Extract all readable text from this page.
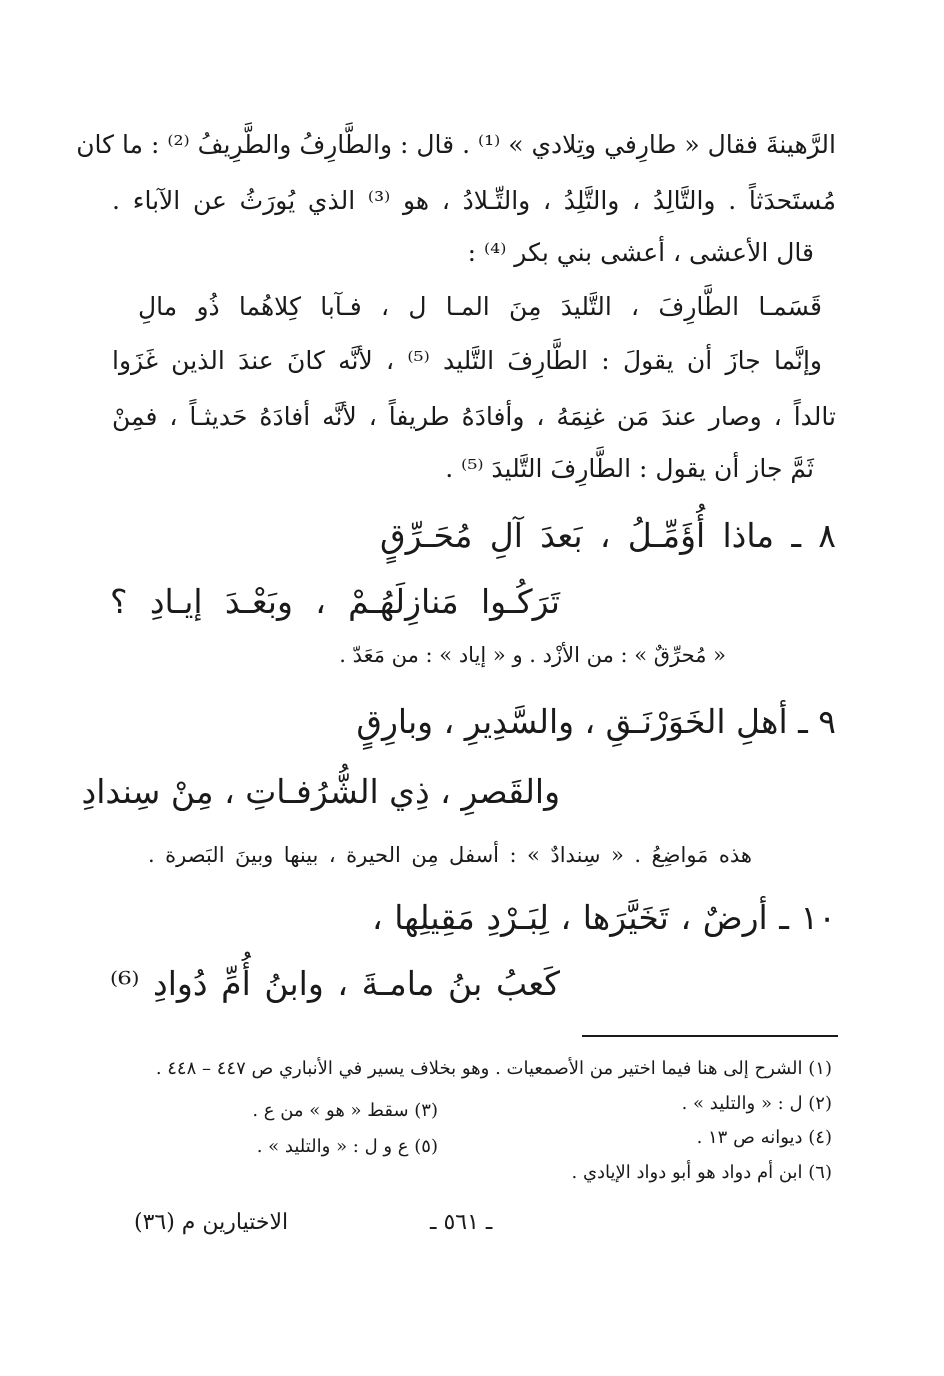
الرَّهينةَ فقال « طارِفي وتِلادي » ⁽¹⁾ . قال : والطَّارِفُ والطَّرِيفُ ⁽²⁾ : ما كان
مُستَحدَثاً . والتَّالِدُ ، والتَّلِدُ ، والتِّـلادُ ، هو ⁽³⁾ الذي يُورَثُ عن الآباء .
قال الأعشى ، أعشى بني بكر ⁽⁴⁾ :
قَسَمـا الطَّارِفَ ، التَّليدَ مِنَ المـا ل ، فـآبا كِلاهُما ذُو مالِ
وإنَّما جازَ أن يقولَ : الطَّارِفَ التَّليد ⁽⁵⁾ ، لأنَّه كانَ عندَ الذين غَزَوا
تالداً ، وصار عندَ مَن غنِمَهُ ، وأفادَهُ طريفاً ، لأنَّه أفادَهُ حَديثـاً ، فمِنْ
ثَمَّ جاز أن يقول : الطَّارِفَ التَّليدَ ⁽⁵⁾ .
٨ ـ ماذا أُؤَمِّـلُ ، بَعدَ آلِ مُحَـرِّقٍ
تَرَكُـوا مَنازِلَهُـمْ ، وبَعْـدَ إيـادِ ؟
« مُحرِّقٌ » : من الأزْد . و « إياد » : من مَعَدّ .
٩ ـ أهلِ الخَوَرْنَـقِ ، والسَّدِيرِ ، وبارِقٍ
والقَصرِ ، ذِي الشُّرُفـاتِ ، مِنْ سِندادِ
هذه مَواضِعُ . « سِندادٌ » : أسفل مِن الحيرة ، بينها وبينَ البَصرة .
١٠ ـ أرضٌ ، تَخَيَّرَها ، لِبَـرْدِ مَقِيلِها ،
كَعبُ بنُ مامـةَ ، وابنُ أُمِّ دُوادِ ⁽⁶⁾
(١) الشرح إلى هنا فيما اختير من الأصمعيات . وهو بخلاف يسير في الأنباري ص ٤٤٧ – ٤٤٨ .
(٢) ل : « والتليد » .
(٣) سقط « هو » من ع .
(٤) ديوانه ص ١٣ .
(٥) ع و ل : « والتليد » .
(٦) ابن أم دواد هو أبو دواد الإيادي .
ـ ٥٦١ ـ
الاختيارين م (٣٦)
